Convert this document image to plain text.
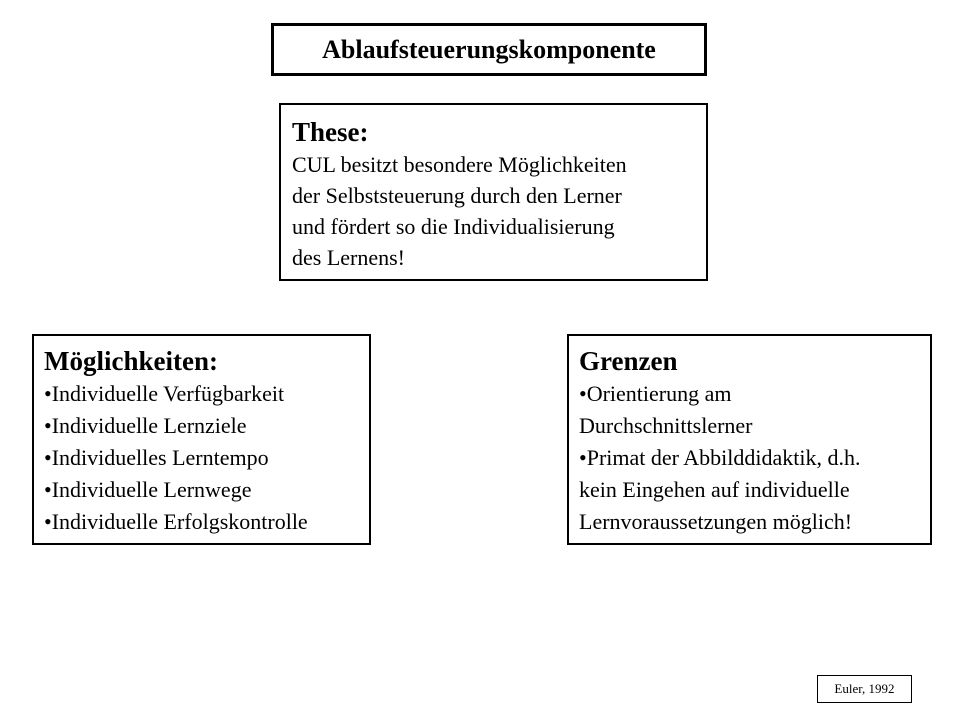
Ablaufsteuerungskomponente
These:
CUL besitzt besondere Möglichkeiten
der Selbststeuerung durch den Lerner
und fördert so die Individualisierung
des Lernens!
Möglichkeiten:
•Individuelle Verfügbarkeit
•Individuelle Lernziele
•Individuelles Lerntempo
•Individuelle Lernwege
•Individuelle Erfolgskontrolle
Grenzen
•Orientierung am
Durchschnittslerner
•Primat der Abbilddidaktik, d.h.
kein Eingehen auf individuelle
Lernvoraussetzungen möglich!
Euler, 1992
